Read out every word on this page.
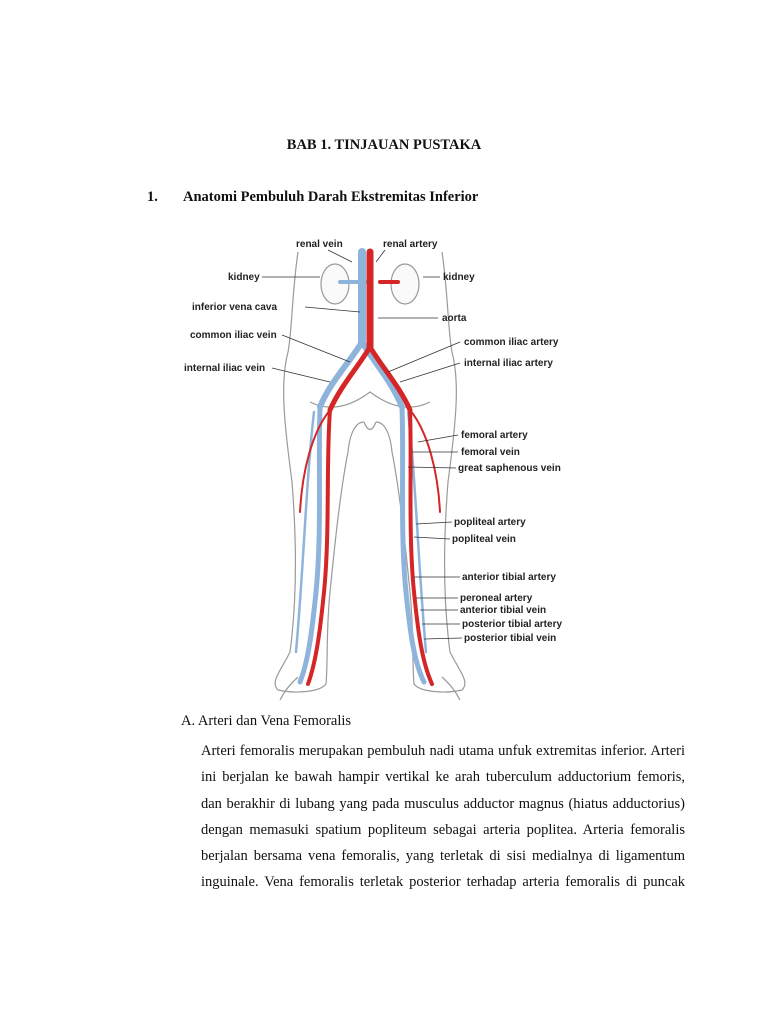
BAB 1. TINJAUAN PUSTAKA
1. Anatomi Pembuluh Darah Ekstremitas Inferior
renal vein	renal artery
kidney	kidney
inferior vena cava
aorta
common iliac vein
common iliac artery
internal iliac vein	internal iliac artery
femoral artery
femoral vein
great saphenous vein
popliteal artery
popliteal vein
anterior tibial artery
peroneal artery
anterior tibial vein
posterior tibial artery
posterior tibial vein
A. Arteri dan Vena Femoralis
Arteri femoralis merupakan pembuluh nadi utama unfuk extremitas inferior. Arteri ini berjalan ke bawah hampir vertikal ke arah tuberculum adductorium femoris, dan berakhir di lubang yang pada musculus adductor magnus (hiatus adductorius) dengan memasuki spatium popliteum sebagai arteria poplitea. Arteria femoralis berjalan bersama vena femoralis, yang terletak di sisi medialnya di ligamentum inguinale. Vena femoralis terletak posterior terhadap arteria femoralis di puncak
